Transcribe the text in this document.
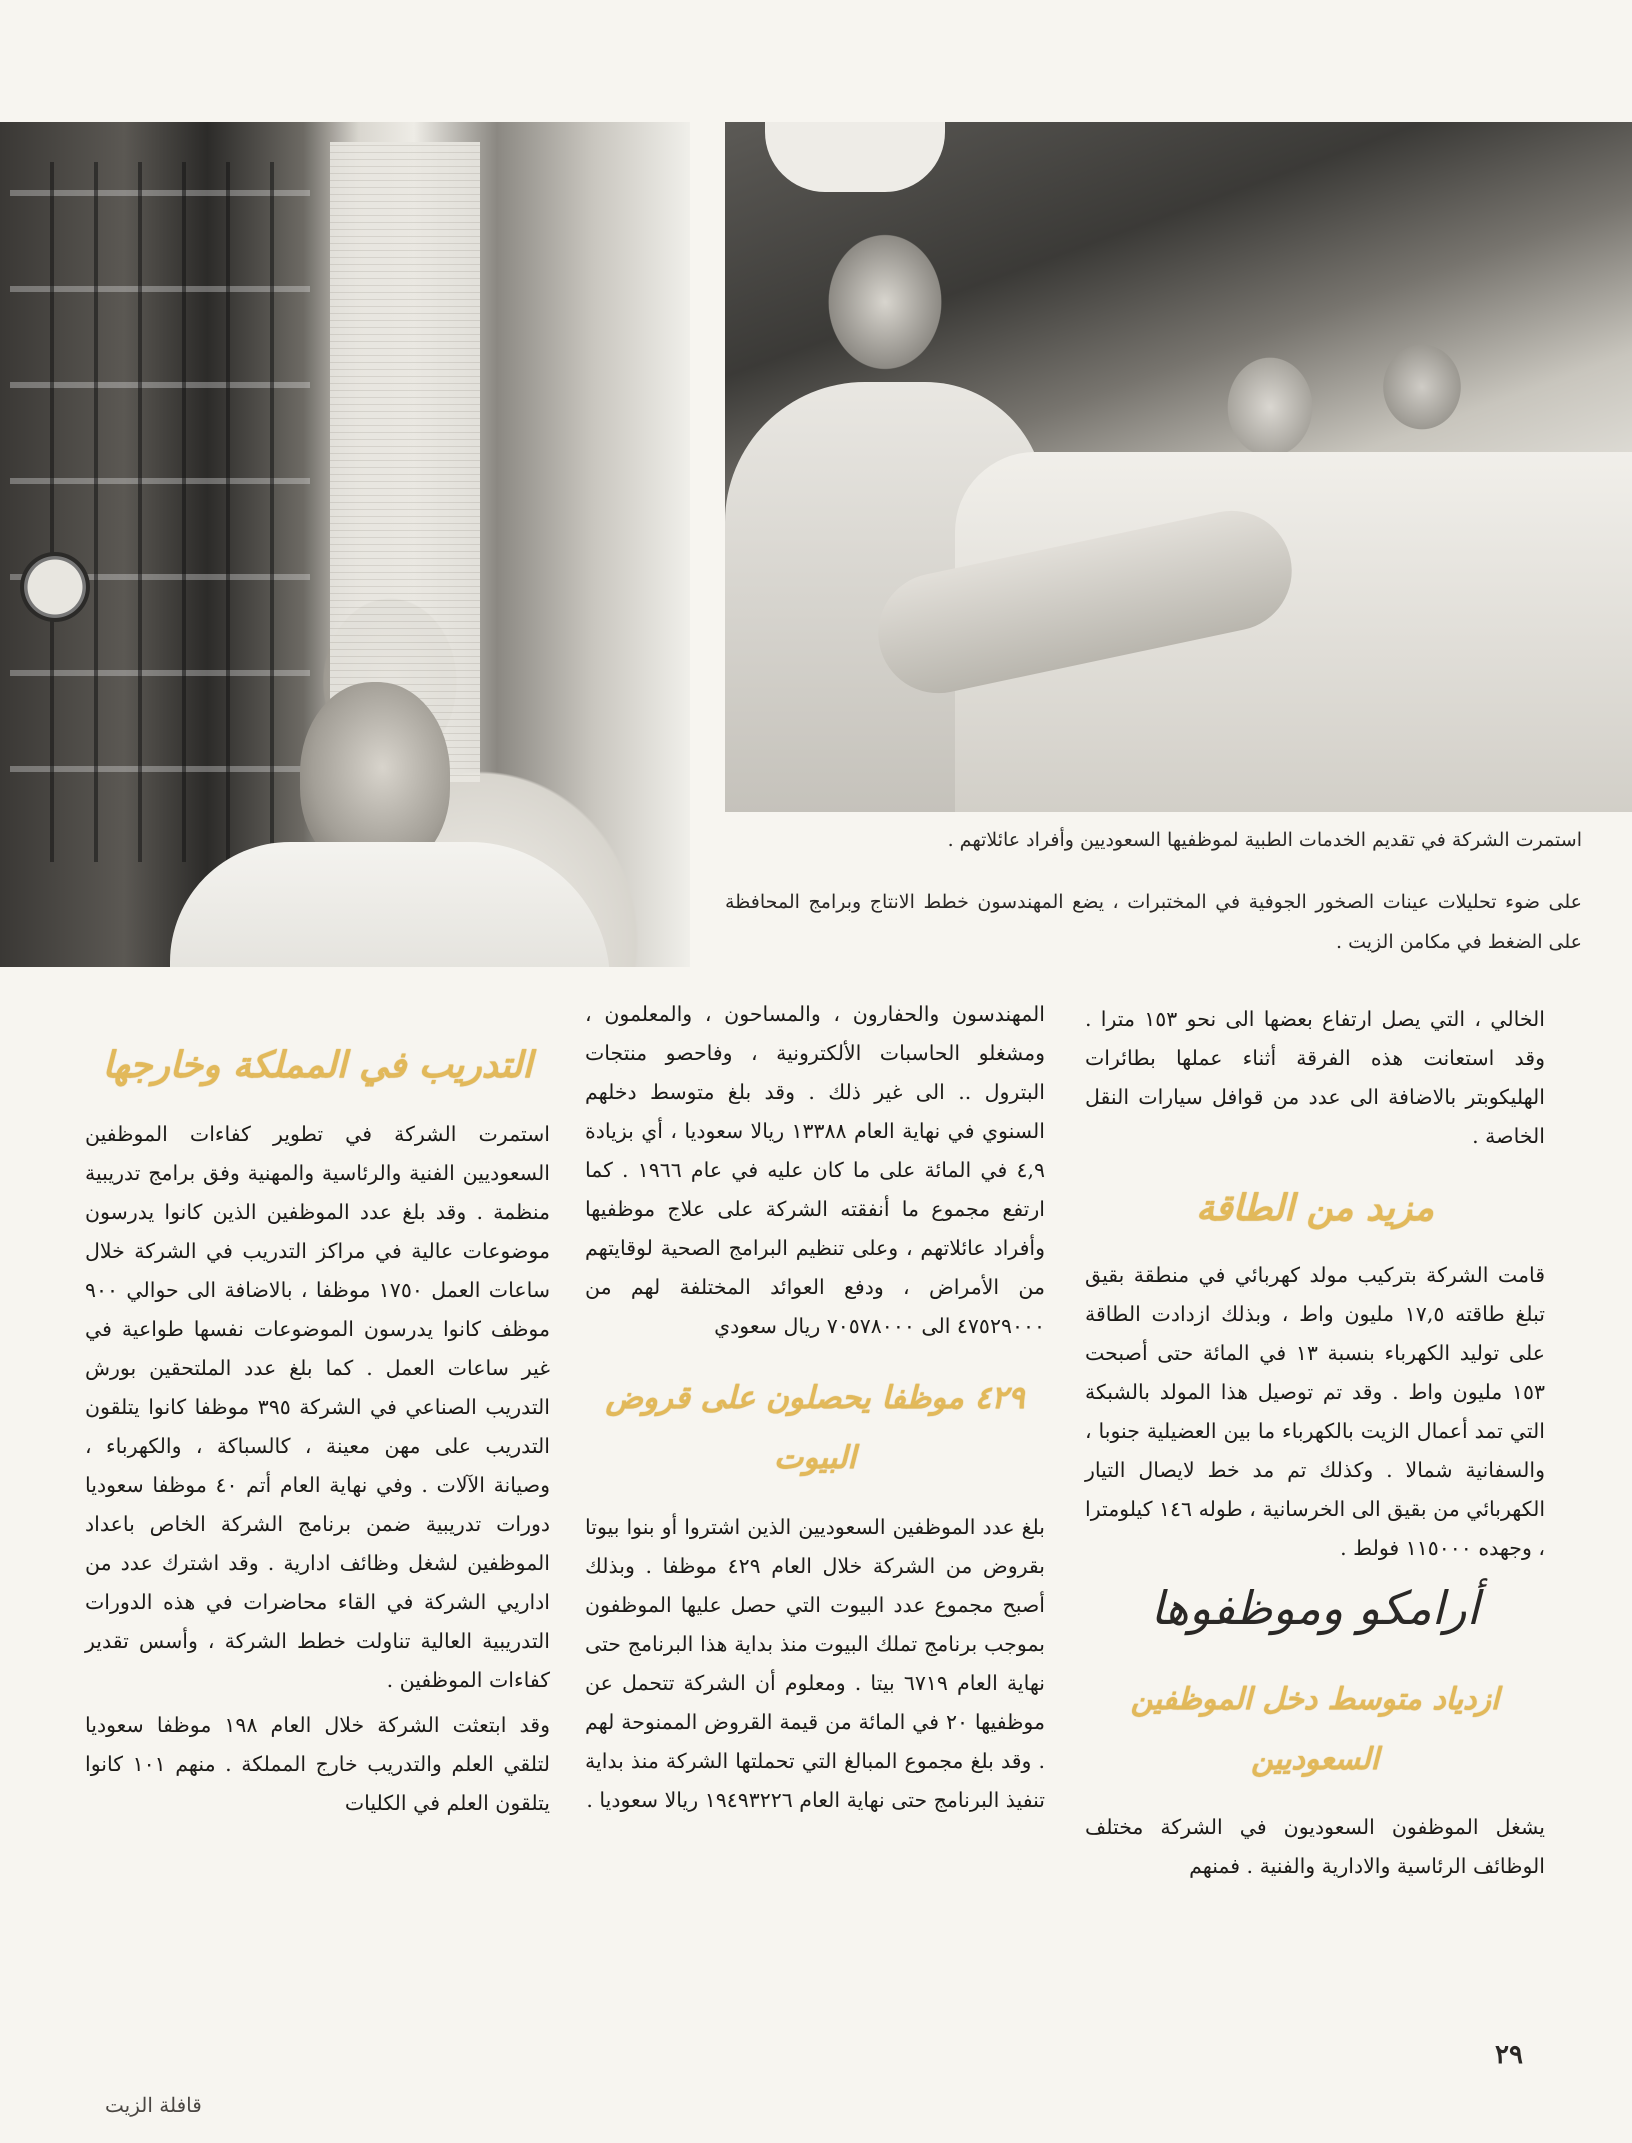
استمرت الشركة في تقديم الخدمات الطبية لموظفيها السعوديين وأفراد عائلاتهم .

على ضوء تحليلات عينات الصخور الجوفية في المختبرات ، يضع المهندسون خطط الانتاج وبرامج المحافظة على الضغط في مكامن الزيت .

الخالي ، التي يصل ارتفاع بعضها الى نحو ١٥٣ مترا . وقد استعانت هذه الفرقة أثناء عملها بطائرات الهليكوبتر بالاضافة الى عدد من قوافل سيارات النقل الخاصة .

مزيد من الطاقة

قامت الشركة بتركيب مولد كهربائي في منطقة بقيق تبلغ طاقته ١٧,٥ مليون واط ، وبذلك ازدادت الطاقة على توليد الكهرباء بنسبة ١٣ في المائة حتى أصبحت ١٥٣ مليون واط . وقد تم توصيل هذا المولد بالشبكة التي تمد أعمال الزيت بالكهرباء ما بين العضيلية جنوبا ، والسفانية شمالا . وكذلك تم مد خط لايصال التيار الكهربائي من بقيق الى الخرسانية ، طوله ١٤٦ كيلومترا ، وجهده ١١٥٠٠٠ فولط .

أرامكو وموظفوها
ازدياد متوسط دخل الموظفين السعوديين

يشغل الموظفون السعوديون في الشركة مختلف الوظائف الرئاسية والادارية والفنية . فمنهم

المهندسون والحفارون ، والمساحون ، والمعلمون ، ومشغلو الحاسبات الألكترونية ، وفاحصو منتجات البترول .. الى غير ذلك . وقد بلغ متوسط دخلهم السنوي في نهاية العام ١٣٣٨٨ ريالا سعوديا ، أي بزيادة ٤,٩ في المائة على ما كان عليه في عام ١٩٦٦ . كما ارتفع مجموع ما أنفقته الشركة على علاج موظفيها وأفراد عائلاتهم ، وعلى تنظيم البرامج الصحية لوقايتهم من الأمراض ، ودفع العوائد المختلفة لهم من ٤٧٥٢٩٠٠٠ الى ٧٠٥٧٨٠٠٠ ريال سعودي

٤٢٩ موظفا يحصلون على قروض البيوت

بلغ عدد الموظفين السعوديين الذين اشتروا أو بنوا بيوتا بقروض من الشركة خلال العام ٤٢٩ موظفا . وبذلك أصبح مجموع عدد البيوت التي حصل عليها الموظفون بموجب برنامج تملك البيوت منذ بداية هذا البرنامج حتى نهاية العام ٦٧١٩ بيتا . ومعلوم أن الشركة تتحمل عن موظفيها ٢٠ في المائة من قيمة القروض الممنوحة لهم . وقد بلغ مجموع المبالغ التي تحملتها الشركة منذ بداية تنفيذ البرنامج حتى نهاية العام ١٩٤٩٣٢٢٦ ريالا سعوديا .

التدريب في المملكة وخارجها

استمرت الشركة في تطوير كفاءات الموظفين السعوديين الفنية والرئاسية والمهنية وفق برامج تدريبية منظمة . وقد بلغ عدد الموظفين الذين كانوا يدرسون موضوعات عالية في مراكز التدريب في الشركة خلال ساعات العمل ١٧٥٠ موظفا ، بالاضافة الى حوالي ٩٠٠ موظف كانوا يدرسون الموضوعات نفسها طواعية في غير ساعات العمل . كما بلغ عدد الملتحقين بورش التدريب الصناعي في الشركة ٣٩٥ موظفا كانوا يتلقون التدريب على مهن معينة ، كالسباكة ، والكهرباء ، وصيانة الآلات . وفي نهاية العام أتم ٤٠ موظفا سعوديا دورات تدريبية ضمن برنامج الشركة الخاص باعداد الموظفين لشغل وظائف ادارية . وقد اشترك عدد من اداريي الشركة في القاء محاضرات في هذه الدورات التدريبية العالية تناولت خطط الشركة ، وأسس تقدير كفاءات الموظفين .

وقد ابتعثت الشركة خلال العام ١٩٨ موظفا سعوديا لتلقي العلم والتدريب خارج المملكة . منهم ١٠١ كانوا يتلقون العلم في الكليات

٢٩
قافلة الزيت
